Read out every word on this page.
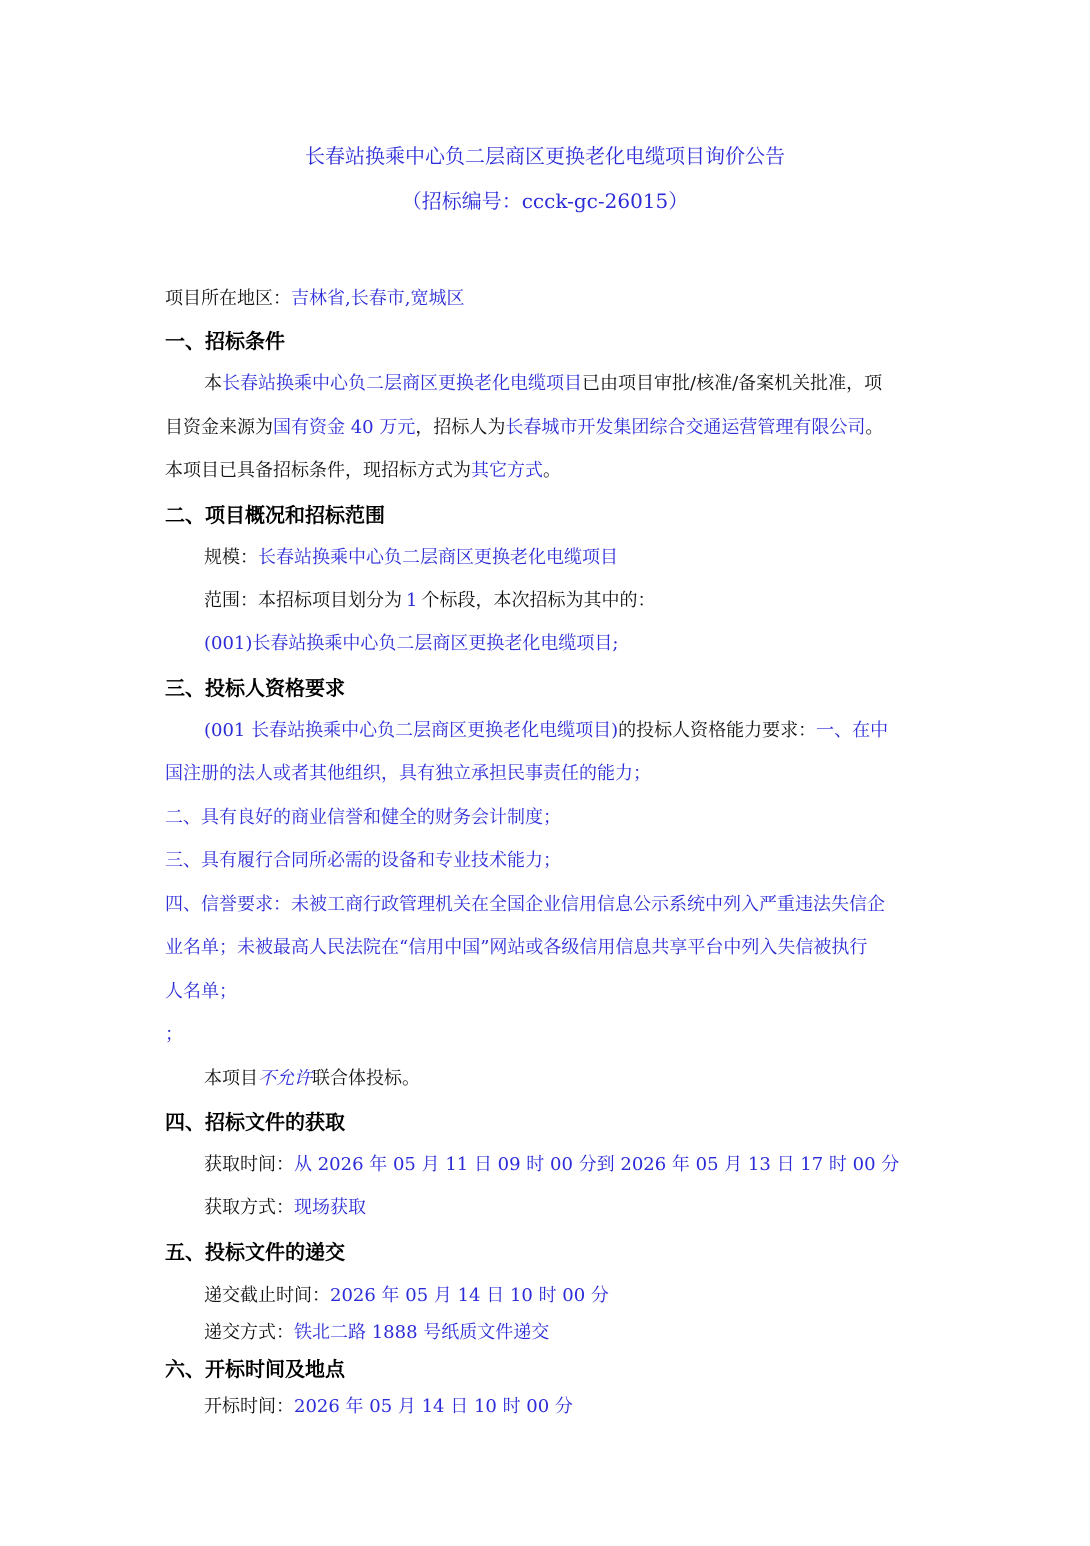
长春站换乘中心负二层商区更换老化电缆项目询价公告
（招标编号：ccck-gc-26015）
项目所在地区：吉林省,长春市,宽城区
一、招标条件
本长春站换乘中心负二层商区更换老化电缆项目已由项目审批/核准/备案机关批准，项
目资金来源为国有资金 40 万元，招标人为长春城市开发集团综合交通运营管理有限公司。
本项目已具备招标条件，现招标方式为其它方式。
二、项目概况和招标范围
规模：长春站换乘中心负二层商区更换老化电缆项目
范围：本招标项目划分为 1 个标段，本次招标为其中的：
(001)长春站换乘中心负二层商区更换老化电缆项目;
三、投标人资格要求
(001 长春站换乘中心负二层商区更换老化电缆项目)的投标人资格能力要求：一、在中
国注册的法人或者其他组织，具有独立承担民事责任的能力；
二、具有良好的商业信誉和健全的财务会计制度；
三、具有履行合同所必需的设备和专业技术能力；
四、信誉要求：未被工商行政管理机关在全国企业信用信息公示系统中列入严重违法失信企
业名单；未被最高人民法院在“信用中国”网站或各级信用信息共享平台中列入失信被执行
人名单；
；
本项目不允许联合体投标。
四、招标文件的获取
获取时间：从 2026 年 05 月 11 日 09 时 00 分到 2026 年 05 月 13 日 17 时 00 分
获取方式：现场获取
五、投标文件的递交
递交截止时间：2026 年 05 月 14 日 10 时 00 分
递交方式：铁北二路 1888 号纸质文件递交
六、开标时间及地点
开标时间：2026 年 05 月 14 日 10 时 00 分
